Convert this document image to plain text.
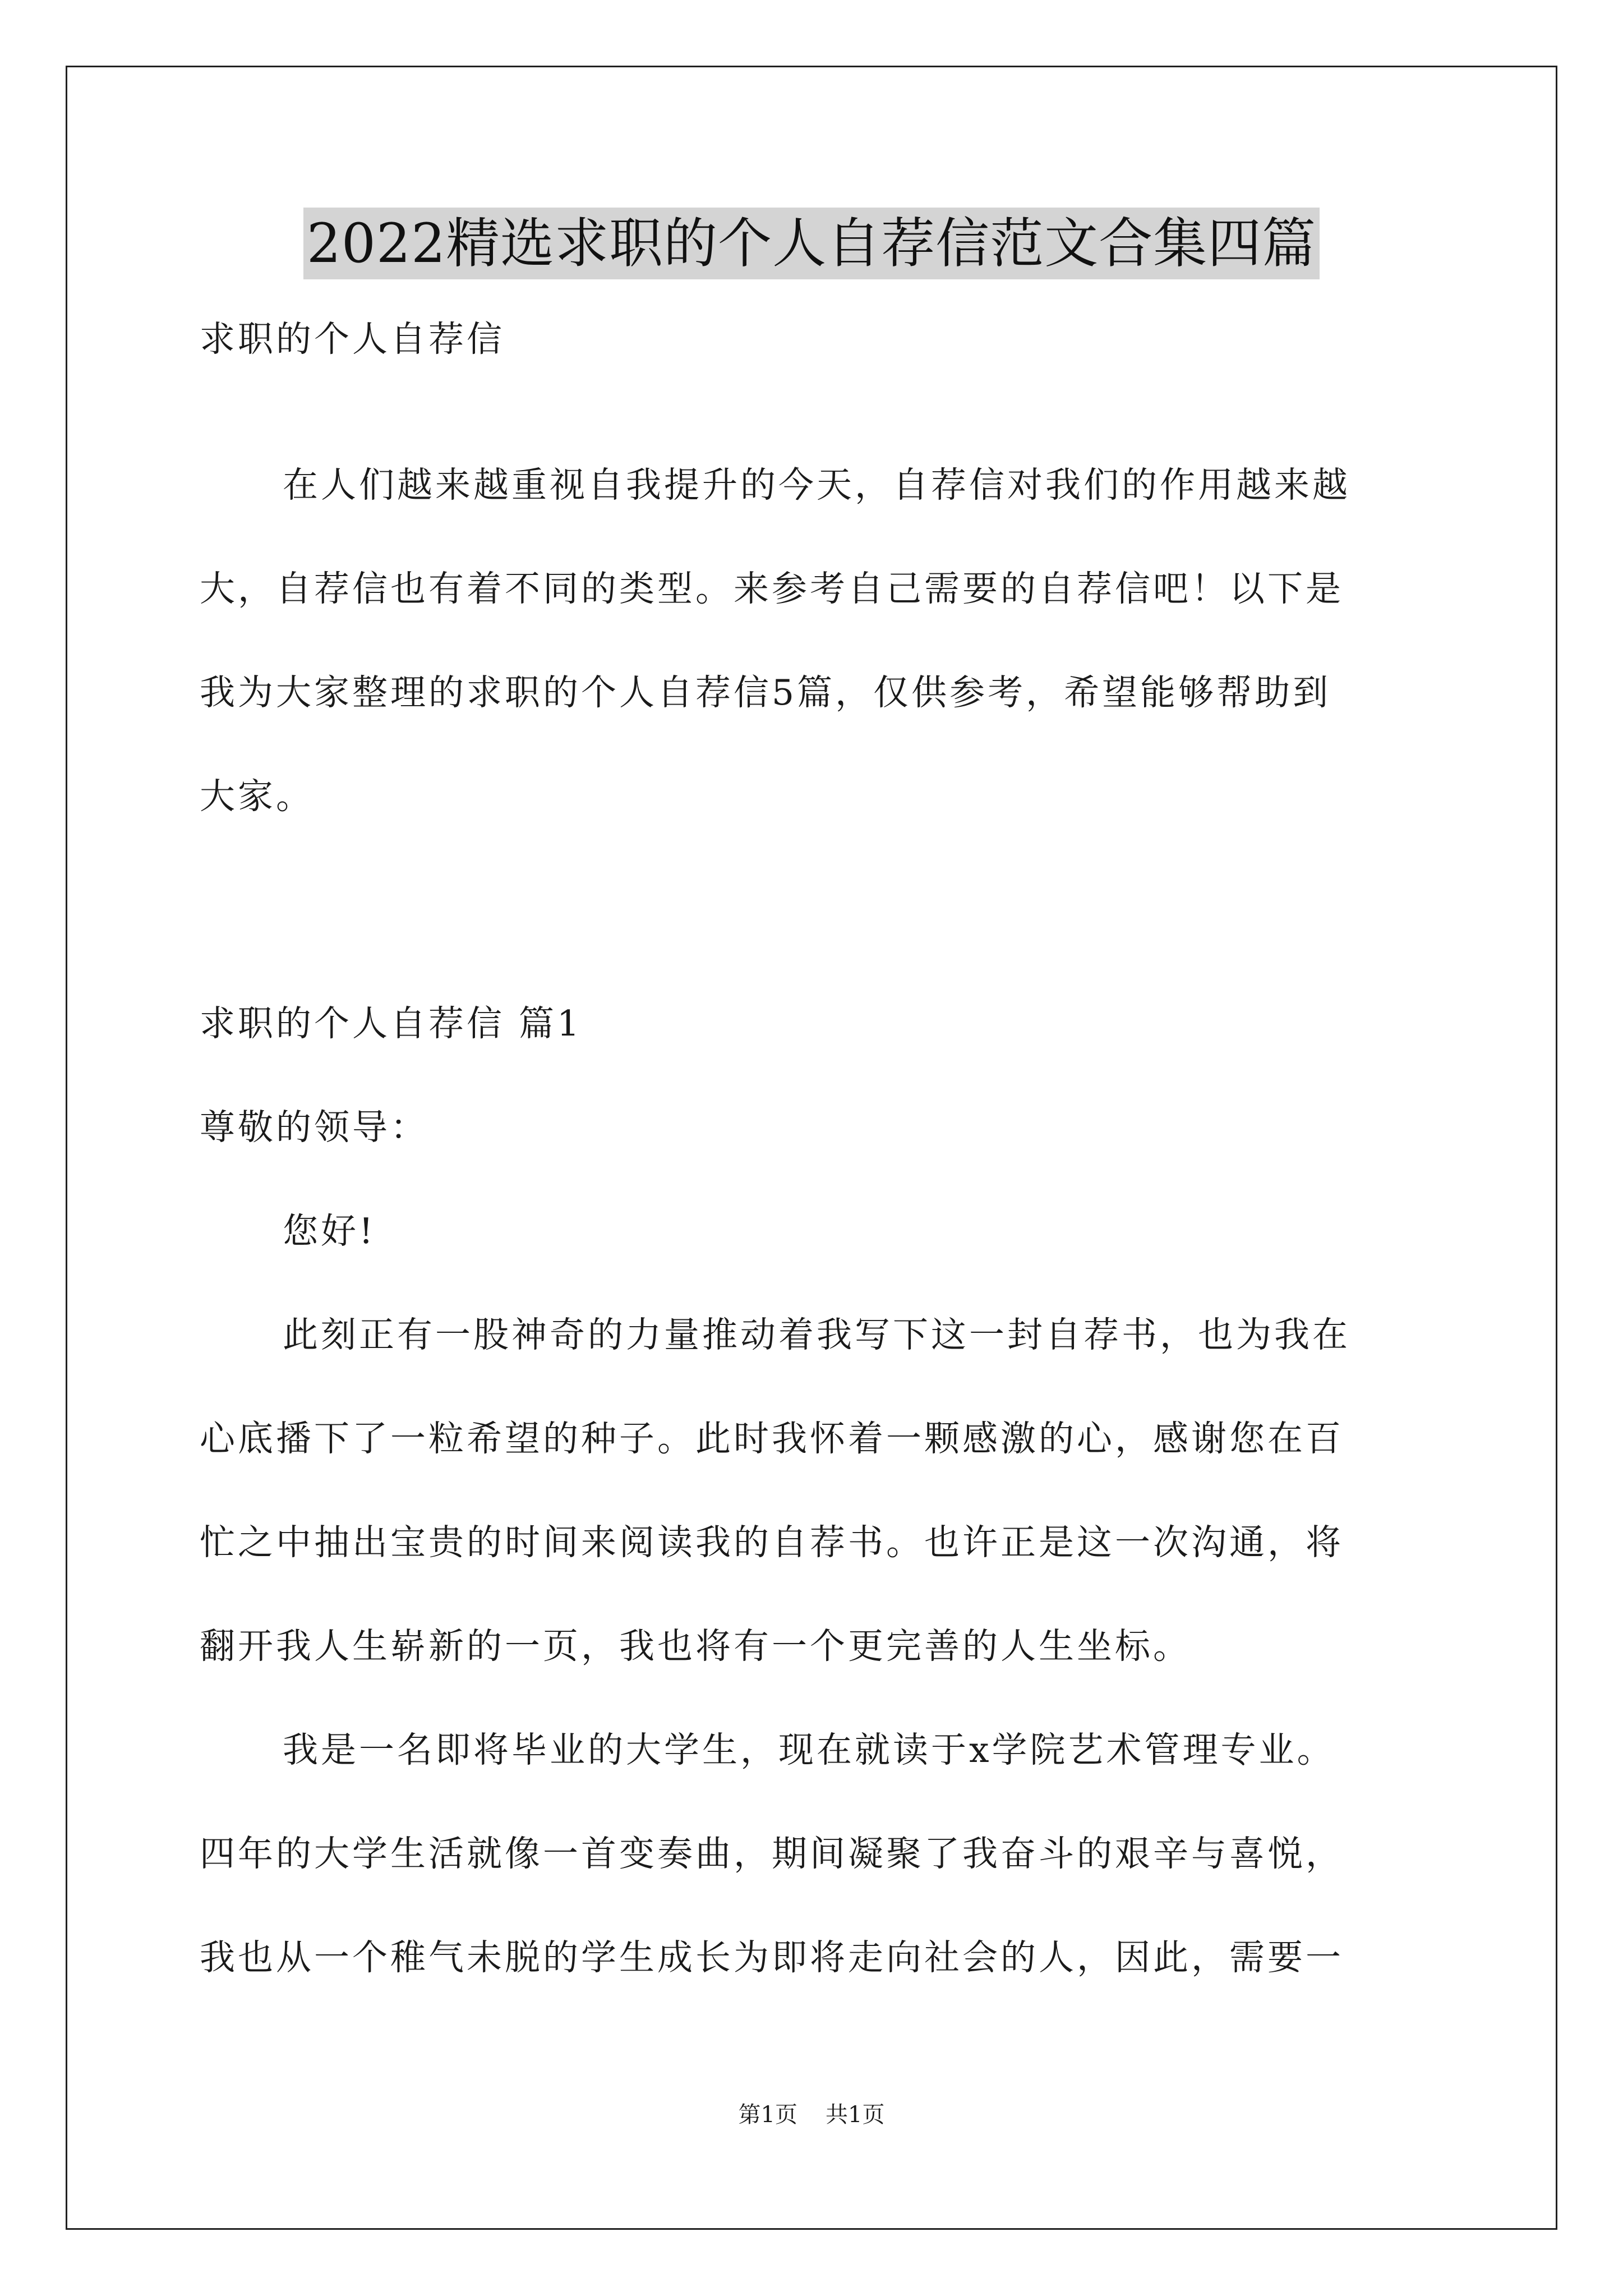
2022精选求职的个人自荐信范文合集四篇
求职的个人自荐信
在人们越来越重视自我提升的今天，自荐信对我们的作用越来越
大，自荐信也有着不同的类型。来参考自己需要的自荐信吧！以下是
我为大家整理的求职的个人自荐信5篇，仅供参考，希望能够帮助到
大家。
求职的个人自荐信 篇1
尊敬的领导：
您好!
此刻正有一股神奇的力量推动着我写下这一封自荐书，也为我在
心底播下了一粒希望的种子。此时我怀着一颗感激的心，感谢您在百
忙之中抽出宝贵的时间来阅读我的自荐书。也许正是这一次沟通，将
翻开我人生崭新的一页，我也将有一个更完善的人生坐标。
我是一名即将毕业的大学生，现在就读于x学院艺术管理专业。
四年的大学生活就像一首变奏曲，期间凝聚了我奋斗的艰辛与喜悦，
我也从一个稚气未脱的学生成长为即将走向社会的人，因此，需要一
第1页 共1页
